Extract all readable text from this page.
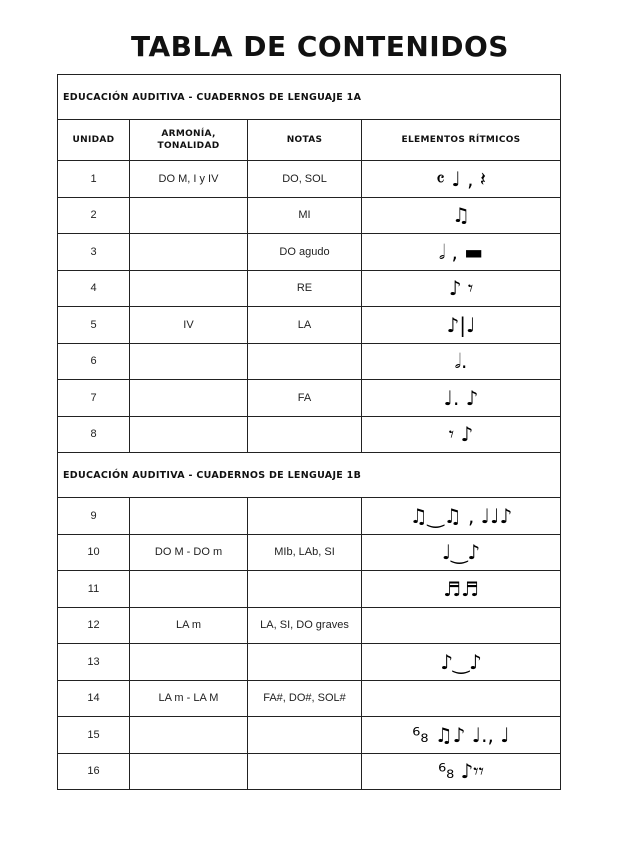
TABLA DE CONTENIDOS
EDUCACIÓN AUDITIVA - CUADERNOS DE LENGUAJE 1A			
UNIDAD	ARMONÍA, TONALIDAD	NOTAS	ELEMENTOS RÍTMICOS
1	DO M, I y IV	DO, SOL	𝄴 ♩ , 𝄽
2		MI	♫
3		DO agudo	𝅗𝅥 , ▬
4		RE	♪ 𝄾
5	IV	LA	♪|♩
6			𝅗𝅥.
7		FA	♩. ♪
8			𝄾 ♪
EDUCACIÓN AUDITIVA - CUADERNOS DE LENGUAJE 1B			
9			♫‿♫ , ♩♩♪
10	DO M - DO m	MIb, LAb, SI	♩‿♪
11			♬♬
12	LA m	LA, SI, DO graves	
13			♪‿♪
14	LA m - LA M	FA#, DO#, SOL#	
15			⁶₈ ♫♪ ♩., ♩
16			⁶₈ ♪𝄾𝄾
